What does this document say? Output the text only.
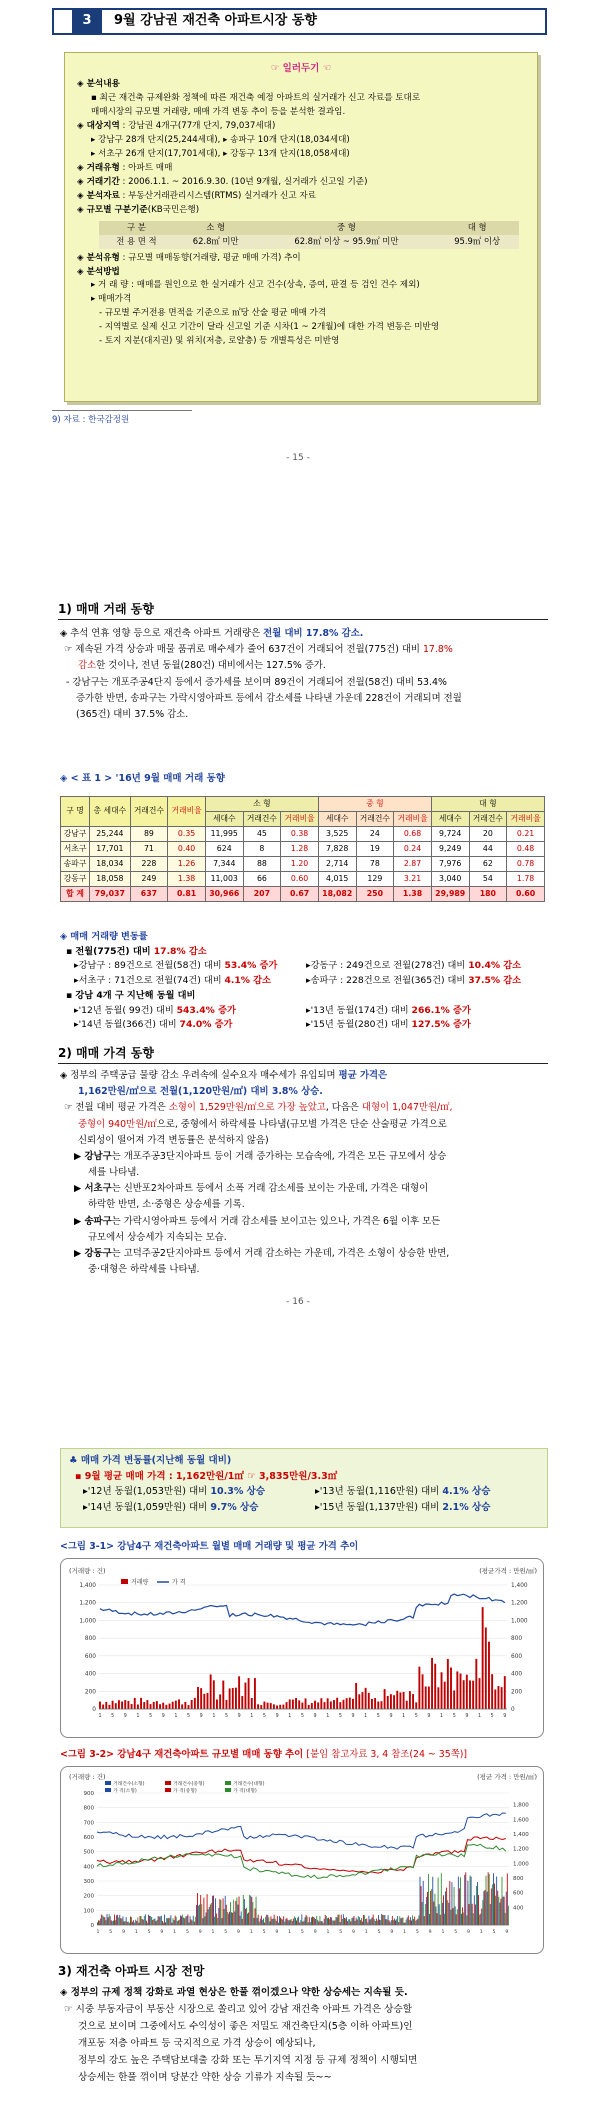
3	9월 강남권 재건축 아파트시장 동향
☞ 일러두기 ☜
◈ 분석내용
▪ 최근 재건축 규제완화 정책에 따른 재건축 예정 아파트의 실거래가 신고 자료를 토대로
매매시장의 규모별 거래량, 매매 가격 변동 추이 등을 분석한 결과임.
◈ 대상지역 : 강남권 4개구(77개 단지, 79,037세대)
▸ 강남구 28개 단지(25,244세대), ▸ 송파구 10개 단지(18,034세대)
▸ 서초구 26개 단지(17,701세대), ▸ 강동구 13개 단지(18,058세대)
◈ 거래유형 : 아파트 매매
◈ 거래기간 : 2006.1.1. ~ 2016.9.30. (10년 9개월, 실거래가 신고일 기준)
◈ 분석자료 : 부동산거래관리시스템(RTMS) 실거래가 신고 자료
◈ 규모별 구분기준(KB국민은행)
구 분	소 형	중 형	대 형
전 용 면 적	62.8㎡ 미만	62.8㎡ 이상 ~ 95.9㎡ 미만	95.9㎡ 이상
◈ 분석유형 : 규모별 매매동향(거래량, 평균 매매 가격) 추이
◈ 분석방법
▸ 거 래 량 : 매매를 원인으로 한 실거래가 신고 건수(상속, 증여, 판결 등 검인 건수 제외)
▸ 매매가격
- 규모별 주거전용 면적을 기준으로 ㎡당 산술 평균 매매 가격
- 지역별로 실제 신고 기간이 달라 신고일 기준 시차(1 ~ 2개월)에 대한 가격 변동은 미반영
- 토지 지분(대지권) 및 위치(저층, 로얄층) 등 개별특성은 미반영
9) 자료 : 한국감정원
- 15 -
1) 매매 거래 동향
◈ 추석 연휴 영향 등으로 재건축 아파트 거래량은 전월 대비 17.8% 감소.
☞ 제속된 가격 상승과 매물 품귀로 매수세가 줄어 637건이 거래되어 전월(775건) 대비 17.8%
감소한 것이나, 전년 동월(280건) 대비에서는 127.5% 증가.
- 강남구는 개포주공4단지 등에서 증가세를 보이며 89건이 거래되어 전월(58건) 대비 53.4%
증가한 반면, 송파구는 가락시영아파트 등에서 감소세를 나타낸 가운데 228건이 거래되며 전월
(365건) 대비 37.5% 감소.
◈ < 표 1 > '16년 9월 매매 거래 동향
구 명	총 세대수	거래건수	거래비율	소 형			중 형			대 형		
				세대수	거래건수	거래비율	세대수	거래건수	거래비율	세대수	거래건수	거래비율
강남구	25,244	89	0.35	11,995	45	0.38	3,525	24	0.68	9,724	20	0.21
서초구	17,701	71	0.40	624	8	1.28	7,828	19	0.24	9,249	44	0.48
송파구	18,034	228	1.26	7,344	88	1.20	2,714	78	2.87	7,976	62	0.78
강동구	18,058	249	1.38	11,003	66	0.60	4,015	129	3.21	3,040	54	1.78
합 계	79,037	637	0.81	30,966	207	0.67	18,082	250	1.38	29,989	180	0.60
◈ 매매 거래량 변동률
▪ 전월(775건) 대비 17.8% 감소
▸강남구 : 89건으로 전월(58건) 대비 53.4% 증가	▸강동구 : 249건으로 전월(278건) 대비 10.4% 감소
▸서초구 : 71건으로 전월(74건) 대비 4.1% 감소	▸송파구 : 228건으로 전월(365건) 대비 37.5% 감소
▪ 강남 4개 구 지난해 동월 대비
▸'12년 동월( 99건) 대비 543.4% 증가	▸'13년 동월(174건) 대비 266.1% 증가
▸'14년 동월(366건) 대비 74.0% 증가	▸'15년 동월(280건) 대비 127.5% 증가
2) 매매 가격 동향
◈ 정부의 주택공급 물량 감소 우려속에 실수요자 매수세가 유입되며 평균 가격은
1,162만원/㎡으로 전월(1,120만원/㎡) 대비 3.8% 상승.
☞ 전월 대비 평균 가격은 소형이 1,529만원/㎡으로 가장 높았고, 다음은 대형이 1,047만원/㎡,
중형이 940만원/㎡으로, 중형에서 하락세를 나타냄(규모별 가격은 단순 산술평균 가격으로
신뢰성이 떨어져 가격 변동률은 분석하지 않음)
▶ 강남구는 개포주공3단지아파트 등이 거래 증가하는 모습속에, 가격은 모든 규모에서 상승
세를 나타냄.
▶ 서초구는 신반포2차아파트 등에서 소폭 거래 감소세를 보이는 가운데, 가격은 대형이
하락한 반면, 소·중형은 상승세를 기록.
▶ 송파구는 가락시영아파트 등에서 거래 감소세를 보이고는 있으나, 가격은 6월 이후 모든
규모에서 상승세가 지속되는 모습.
▶ 강동구는 고덕주공2단지아파트 등에서 거래 감소하는 가운데, 가격은 소형이 상승한 반면,
중·대형은 하락세를 나타냄.
- 16 -
♣ 매매 가격 변동률(지난해 동월 대비)
▪ 9월 평균 매매 가격 : 1,162만원/1㎡ ☞ 3,835만원/3.3㎡
▸'12년 동월(1,053만원) 대비 10.3% 상승	▸'13년 동월(1,116만원) 대비 4.1% 상승
▸'14년 동월(1,059만원) 대비 9.7% 상승	▸'15년 동월(1,137만원) 대비 2.1% 상승
<그림 3-1> 강남4구 재건축아파트 월별 매매 거래량 및 평균 가격 추이
(거래량 : 건)	(평균가격 : 만원/㎡)
거래량	가 격
0	0
200	200
400	400
600	600
800	800
1,000	1,000
1,200	1,200
1,400	1,400
1 5 9 1 5 9 1 5 9 1 5 9 1 5 9 1 5 9 1 5 9 1 5 9 1 5 9 1 5 9 1 5 9
<그림 3-2> 강남4구 재건축아파트 규모별 매매 동향 추이 [붙임 참고자료 3, 4 참조(24 ~ 35쪽)]
(거래량 : 건)	(평균 가격 : 만원/㎡)
거래건수(소형)	거래건수(중형)	거래건수(대형)
가 격(소형)	가 격(중형)	가 격(대형)
0
100
200
300
400
500
600
700
800
900
400
600
800
1,000
1,200
1,400
1,600
1,800
1 5 9 1 5 9 1 5 9 1 5 9 1 5 9 1 5 9 1 5 9 1 5 9 1 5 9 1 5 9 1 5 9
3) 재건축 아파트 시장 전망
◈ 정부의 규제 정책 강화로 과열 현상은 한풀 꺾이겠으나 약한 상승세는 지속될 듯.
☞ 시중 부동자금이 부동산 시장으로 쏠리고 있어 강남 재건축 아파트 가격은 상승할
것으로 보이며 그중에서도 수익성이 좋은 저밀도 재건축단지(5층 이하 아파트)인
개포동 저층 아파트 등 국지적으로 가격 상승이 예상되나,
정부의 강도 높은 주택담보대출 강화 또는 투기지역 지정 등 규제 정책이 시행되면
상승세는 한풀 꺾이며 당분간 약한 상승 기류가 지속될 듯~~
